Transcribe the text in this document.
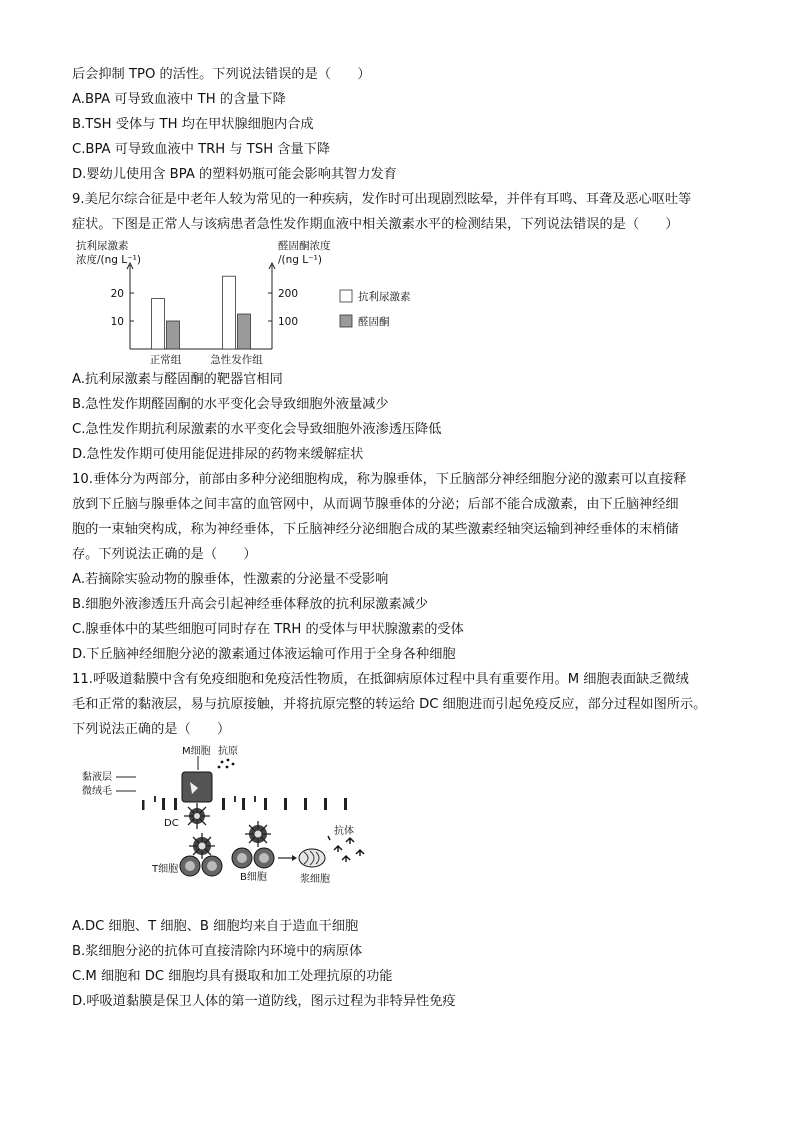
后会抑制 TPO 的活性。下列说法错误的是（　　）
A.BPA 可导致血液中 TH 的含量下降
B.TSH 受体与 TH 均在甲状腺细胞内合成
C.BPA 可导致血液中 TRH 与 TSH 含量下降
D.婴幼儿使用含 BPA 的塑料奶瓶可能会影响其智力发育
9.美尼尔综合征是中老年人较为常见的一种疾病，发作时可出现剧烈眩晕，并伴有耳鸣、耳聋及恶心呕吐等
症状。下图是正常人与该病患者急性发作期血液中相关激素水平的检测结果，下列说法错误的是（　　）
抗利尿激素
浓度/(ng L⁻¹)
醛固酮浓度
/(ng L⁻¹)
10
20
100
200
正常组	急性发作组
抗利尿激素
醛固酮
A.抗利尿激素与醛固酮的靶器官相同
B.急性发作期醛固酮的水平变化会导致细胞外液量减少
C.急性发作期抗利尿激素的水平变化会导致细胞外液渗透压降低
D.急性发作期可使用能促进排尿的药物来缓解症状
10.垂体分为两部分，前部由多种分泌细胞构成，称为腺垂体，下丘脑部分神经细胞分泌的激素可以直接释
放到下丘脑与腺垂体之间丰富的血管网中，从而调节腺垂体的分泌；后部不能合成激素，由下丘脑神经细
胞的一束轴突构成，称为神经垂体，下丘脑神经分泌细胞合成的某些激素经轴突运输到神经垂体的末梢储
存。下列说法正确的是（　　）
A.若摘除实验动物的腺垂体，性激素的分泌量不受影响
B.细胞外液渗透压升高会引起神经垂体释放的抗利尿激素减少
C.腺垂体中的某些细胞可同时存在 TRH 的受体与甲状腺激素的受体
D.下丘脑神经细胞分泌的激素通过体液运输可作用于全身各种细胞
11.呼吸道黏膜中含有免疫细胞和免疫活性物质，在抵御病原体过程中具有重要作用。M 细胞表面缺乏微绒
毛和正常的黏液层，易与抗原接触，并将抗原完整的转运给 DC 细胞进而引起免疫反应，部分过程如图所示。
下列说法正确的是（　　）
黏液层
微绒毛
M细胞 抗原
DC
T细胞
B细胞	浆细胞
抗体
A.DC 细胞、T 细胞、B 细胞均来自于造血干细胞
B.浆细胞分泌的抗体可直接清除内环境中的病原体
C.M 细胞和 DC 细胞均具有摄取和加工处理抗原的功能
D.呼吸道黏膜是保卫人体的第一道防线，图示过程为非特异性免疫
